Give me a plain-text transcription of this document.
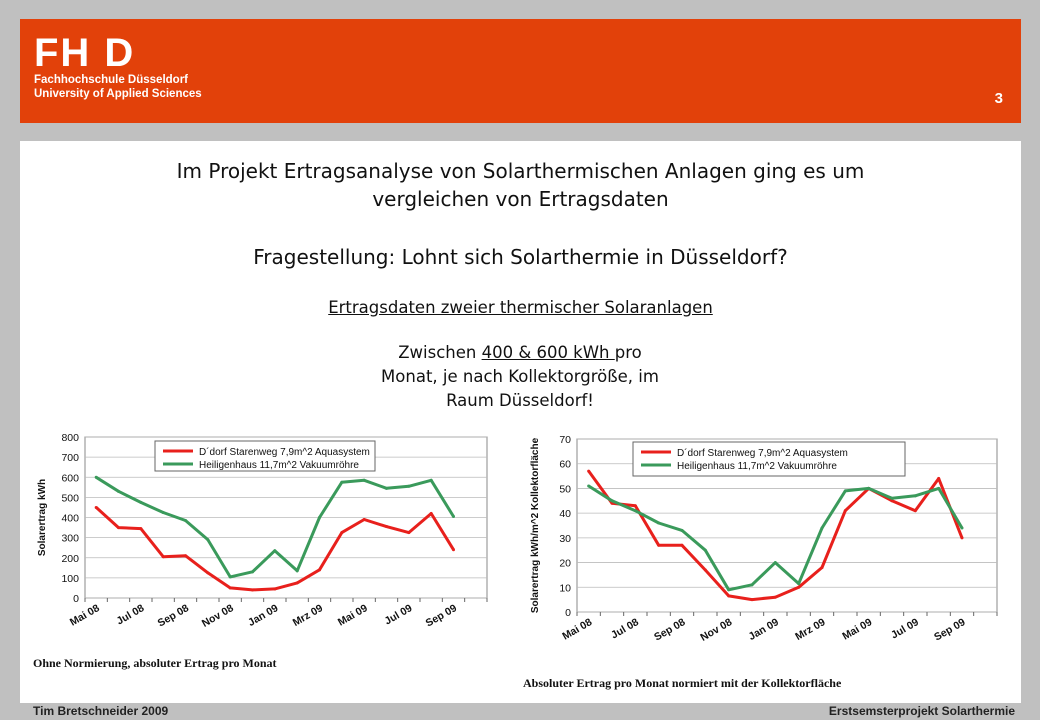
FH D
Fachhochschule Düsseldorf
University of Applied Sciences	3
Im Projekt Ertragsanalyse von Solarthermischen Anlagen ging es um
vergleichen von Ertragsdaten
Fragestellung: Lohnt sich Solarthermie in Düsseldorf?
Ertragsdaten zweier thermischer Solaranlagen
Zwischen 400 & 600 kWh pro
Monat, je nach Kollektorgröße, im
Raum Düsseldorf!
0
100
200
300
400
500
600
700
800
Mai 08 Jul 08 Sep 08 Nov 08 Jan 09 Mrz 09 Mai 09 Jul 09 Sep 09
Solarertrag kWh
D´dorf Starenweg 7,9m^2 Aquasystem
Heiligenhaus 11,7m^2 Vakuumröhre
Ohne Normierung, absoluter Ertrag pro Monat
0
10
20
30
40
50
60
70
Mai 08 Jul 08 Sep 08 Nov 08 Jan 09 Mrz 09 Mai 09 Jul 09 Sep 09
Solarertrag kWh/m^2 Kollektorfläche	D´dorf Starenweg 7,9m^2 Aquasystem
Heiligenhaus 11,7m^2 Vakuumröhre
Absoluter Ertrag pro Monat normiert mit der Kollektorfläche
Tim Bretschneider 2009	Erstsemsterprojekt Solarthermie
